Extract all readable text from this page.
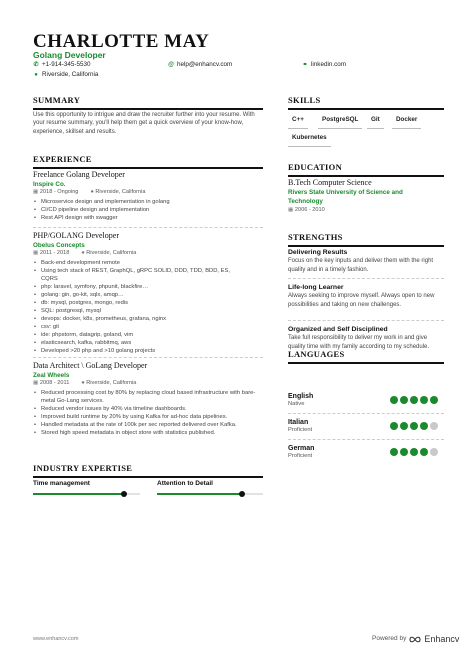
CHARLOTTE MAY
Golang Developer
✆ +1-914-345-5530	@ help@enhancv.com	⚭ linkedin.com
● Riverside, California
SUMMARY
Use this opportunity to intrigue and draw the recruiter further into your resume. With your resume summary, you'll help them get a quick overview of your know-how, experience, skillset and results.
EXPERIENCE
Freelance Golang Developer
Inspire Co.
▦ 2018 - Ongoing ● Riverside, California
• Microservice design and implementation in golang
• CI/CD pipeline design and implementation
• Rest API design with swagger
PHP/GOLANG Developer
Obelus Concepts
▦ 2011 - 2018 ● Riverside, California
• Back-end development remote
• Using tech stack of REST, GraphQL, gRPC SOLID, DDD, TDD, BDD, ES, CQRS
• php: laravel, symfony, phpunit, blackfire…
• golang: gin, go-kit, sqlx, amqp…
• db: mysql, postgres, mongo, redis
• SQL: postgresql, mysql
• devops: docker, k8s, prometheus, grafana, nginx
• csv: git
• ide: phpstorm, datagrip, goland, vim
• elasticsearch, kafka, rabbitmq, aws
• Developed >20 php and >10 golang projects
Data Architect \ GoLang Developer
Zeal Wheels
▦ 2008 - 2011 ● Riverside, California
• Reduced processing cost by 80% by replacing cloud based infrastructure with bare-metal Go-Lang services.
• Reduced vendor issues by 40% via timeline dashboards.
• Improved build runtime by 20% by using Kafka for ad-hoc data pipelines.
• Handled metadata at the rate of 100k per sec reported delivered over Kafka.
• Stored high speed metadata in object store with statistics published.
INDUSTRY EXPERTISE
Time management	Attention to Detail
SKILLS
C++	PostgreSQL	Git	Docker
Kubernetes
EDUCATION
B.Tech Computer Science
Rivers State University of Science and Technology
▦ 2006 - 2010
STRENGTHS
Delivering Results
Focus on the key inputs and deliver them with the right quality and in a timely fashion.
Life-long Learner
Always seeking to improve myself. Always open to new possibilities and taking on new challenges.
Organized and Self Disciplined
Take full responsibility to deliver my work in and give quality time with my family according to my schedule.
LANGUAGES
English
Native
Italian
Proficient
German
Proficient
www.enhancv.com	Powered by Enhancv
